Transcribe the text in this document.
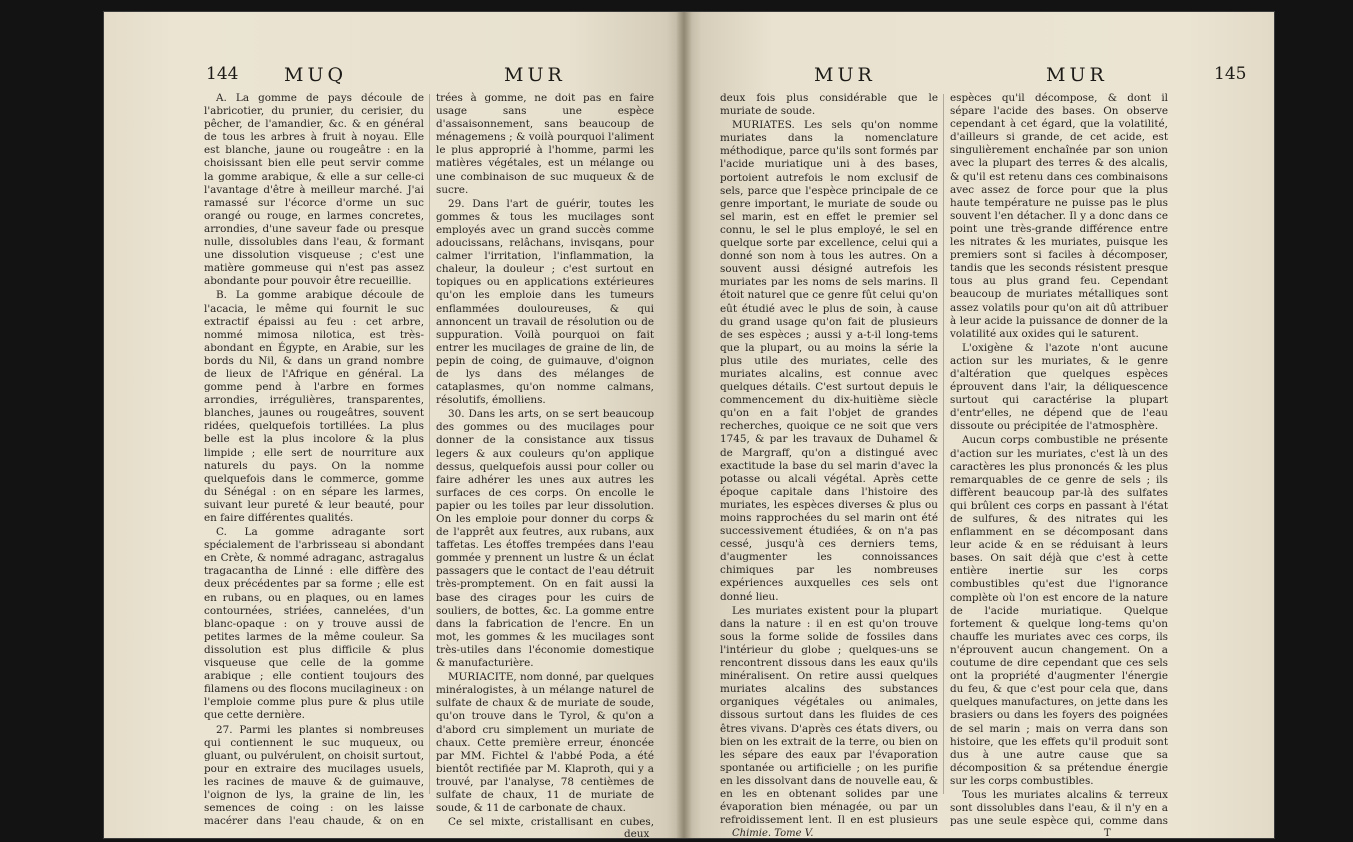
144 MUQ	MUR

A. La gomme de pays découle de l'abricotier, du prunier, du cerisier, du pêcher, de l'amandier, &c. & en général de tous les arbres à fruit à noyau. Elle est blanche, jaune ou rougeâtre : en la choisissant bien elle peut servir comme la gomme arabique, & elle a sur celle-ci l'avantage d'être à meilleur marché. J'ai ramassé sur l'écorce d'orme un suc orangé ou rouge, en larmes concretes, arrondies, d'une saveur fade ou presque nulle, dissolubles dans l'eau, & formant une dissolution visqueuse ; c'est une matière gommeuse qui n'est pas assez abondante pour pouvoir être recueillie.

B. La gomme arabique découle de l'acacia, le même qui fournit le suc extractif épaissi au feu : cet arbre, nommé mimosa nilotica, est très-abondant en Égypte, en Arabie, sur les bords du Nil, & dans un grand nombre de lieux de l'Afrique en général. La gomme pend à l'arbre en formes arrondies, irrégulières, transparentes, blanches, jaunes ou rougeâtres, souvent ridées, quelquefois tortillées. La plus belle est la plus incolore & la plus limpide ; elle sert de nourriture aux naturels du pays. On la nomme quelquefois dans le commerce, gomme du Sénégal : on en sépare les larmes, suivant leur pureté & leur beauté, pour en faire différentes qualités.

C. La gomme adragante sort spécialement de l'arbrisseau si abondant en Crète, & nommé adraganc, astragalus tragacantha de Linné : elle diffère des deux précédentes par sa forme ; elle est en rubans, ou en plaques, ou en lames contournées, striées, cannelées, d'un blanc-opaque : on y trouve aussi de petites larmes de la même couleur. Sa dissolution est plus difficile & plus visqueuse que celle de la gomme arabique ; elle contient toujours des filamens ou des flocons mucilagineux : on l'emploie comme plus pure & plus utile que cette dernière.

27. Parmi les plantes si nombreuses qui contiennent le suc muqueux, ou gluant, ou pulvérulent, on choisit surtout, pour en extraire des mucilages usuels, les racines de mauve & de guimauve, l'oignon de lys, la graine de lin, les semences de coing : on les laisse macérer dans l'eau chaude, & on en

trées à gomme, ne doit pas en faire usage sans une espèce d'assaisonnement, sans beaucoup de ménagemens ; & voilà pourquoi l'aliment le plus approprié à l'homme, parmi les matières végétales, est un mélange ou une combinaison de suc muqueux & de sucre.

29. Dans l'art de guérir, toutes les gommes & tous les mucilages sont employés avec un grand succès comme adoucissans, relâchans, invisqans, pour calmer l'irritation, l'inflammation, la chaleur, la douleur ; c'est surtout en topiques ou en applications extérieures qu'on les emploie dans les tumeurs enflammées douloureuses, & qui annoncent un travail de résolution ou de suppuration. Voilà pourquoi on fait entrer les mucilages de graine de lin, de pepin de coing, de guimauve, d'oignon de lys dans des mélanges de cataplasmes, qu'on nomme calmans, résolutifs, émolliens.

30. Dans les arts, on se sert beaucoup des gommes ou des mucilages pour donner de la consistance aux tissus legers & aux couleurs qu'on applique dessus, quelquefois aussi pour coller ou faire adhérer les unes aux autres les surfaces de ces corps. On encolle le papier ou les toiles par leur dissolution. On les emploie pour donner du corps & de l'apprêt aux feutres, aux rubans, aux taffetas. Les étoffes trempées dans l'eau gommée y prennent un lustre & un éclat passagers que le contact de l'eau détruit très-promptement. On en fait aussi la base des cirages pour les cuirs de souliers, de bottes, &c. La gomme entre dans la fabrication de l'encre. En un mot, les gommes & les mucilages sont très-utiles dans l'économie domestique & manufacturière.

MURIACITE, nom donné, par quelques minéralogistes, à un mélange naturel de sulfate de chaux & de muriate de soude, qu'on trouve dans le Tyrol, & qu'on a d'abord cru simplement un muriate de chaux. Cette première erreur, énoncée par MM. Fichtel & l'abbé Poda, a été bientôt rectifiée par M. Klaproth, qui y a trouvé, par l'analyse, 78 centièmes de sulfate de chaux, 11 de muriate de soude, & 11 de carbonate de chaux.

Ce sel mixte, cristallisant en cubes,

deux
MUR	MUR	145

deux fois plus considérable que le muriate de soude.

MURIATES. Les sels qu'on nomme muriates dans la nomenclature méthodique, parce qu'ils sont formés par l'acide muriatique uni à des bases, portoient autrefois le nom exclusif de sels, parce que l'espèce principale de ce genre important, le muriate de soude ou sel marin, est en effet le premier sel connu, le sel le plus employé, le sel en quelque sorte par excellence, celui qui a donné son nom à tous les autres. On a souvent aussi désigné autrefois les muriates par les noms de sels marins. Il étoit naturel que ce genre fût celui qu'on eût étudié avec le plus de soin, à cause du grand usage qu'on fait de plusieurs de ses espèces ; aussi y a-t-il long-tems que la plupart, ou au moins la série la plus utile des muriates, celle des muriates alcalins, est connue avec quelques détails. C'est surtout depuis le commencement du dix-huitième siècle qu'on en a fait l'objet de grandes recherches, quoique ce ne soit que vers 1745, & par les travaux de Duhamel & de Margraff, qu'on a distingué avec exactitude la base du sel marin d'avec la potasse ou alcali végétal. Après cette époque capitale dans l'histoire des muriates, les espèces diverses & plus ou moins rapprochées du sel marin ont été successivement étudiées, & on n'a pas cessé, jusqu'à ces derniers tems, d'augmenter les connoissances chimiques par les nombreuses expériences auxquelles ces sels ont donné lieu.

Les muriates existent pour la plupart dans la nature : il en est qu'on trouve sous la forme solide de fossiles dans l'intérieur du globe ; quelques-uns se rencontrent dissous dans les eaux qu'ils minéralisent. On retire aussi quelques muriates alcalins des substances organiques végétales ou animales, dissous surtout dans les fluides de ces êtres vivans. D'après ces états divers, ou bien on les extrait de la terre, ou bien on les sépare des eaux par l'évaporation spontanée ou artificielle ; on les purifie en les dissolvant dans de nouvelle eau, & en les en obtenant solides par une évaporation bien ménagée, ou par un refroidissement lent. Il en est plusieurs

espèces qu'il décompose, & dont il sépare l'acide des bases. On observe cependant à cet égard, que la volatilité, d'ailleurs si grande, de cet acide, est singulièrement enchaînée par son union avec la plupart des terres & des alcalis, & qu'il est retenu dans ces combinaisons avec assez de force pour que la plus haute température ne puisse pas le plus souvent l'en détacher. Il y a donc dans ce point une très-grande différence entre les nitrates & les muriates, puisque les premiers sont si faciles à décomposer, tandis que les seconds résistent presque tous au plus grand feu. Cependant beaucoup de muriates métalliques sont assez volatils pour qu'on ait dû attribuer à leur acide la puissance de donner de la volatilité aux oxides qui le saturent.

L'oxigène & l'azote n'ont aucune action sur les muriates, & le genre d'altération que quelques espèces éprouvent dans l'air, la déliquescence surtout qui caractérise la plupart d'entr'elles, ne dépend que de l'eau dissoute ou précipitée de l'atmosphère.

Aucun corps combustible ne présente d'action sur les muriates, c'est là un des caractères les plus prononcés & les plus remarquables de ce genre de sels ; ils diffèrent beaucoup par-là des sulfates qui brûlent ces corps en passant à l'état de sulfures, & des nitrates qui les enflamment en se décomposant dans leur acide & en se réduisant à leurs bases. On sait déjà que c'est à cette entière inertie sur les corps combustibles qu'est due l'ignorance complète où l'on est encore de la nature de l'acide muriatique. Quelque fortement & quelque long-tems qu'on chauffe les muriates avec ces corps, ils n'éprouvent aucun changement. On a coutume de dire cependant que ces sels ont la propriété d'augmenter l'énergie du feu, & que c'est pour cela que, dans quelques manufactures, on jette dans les brasiers ou dans les foyers des poignées de sel marin ; mais on verra dans son histoire, que les effets qu'il produit sont dus à une autre cause que sa décomposition & sa prétendue énergie sur les corps combustibles.

Tous les muriates alcalins & terreux sont dissolubles dans l'eau, & il n'y en a pas une seule espèce qui, comme dans

Chimie. Tome V.	T
